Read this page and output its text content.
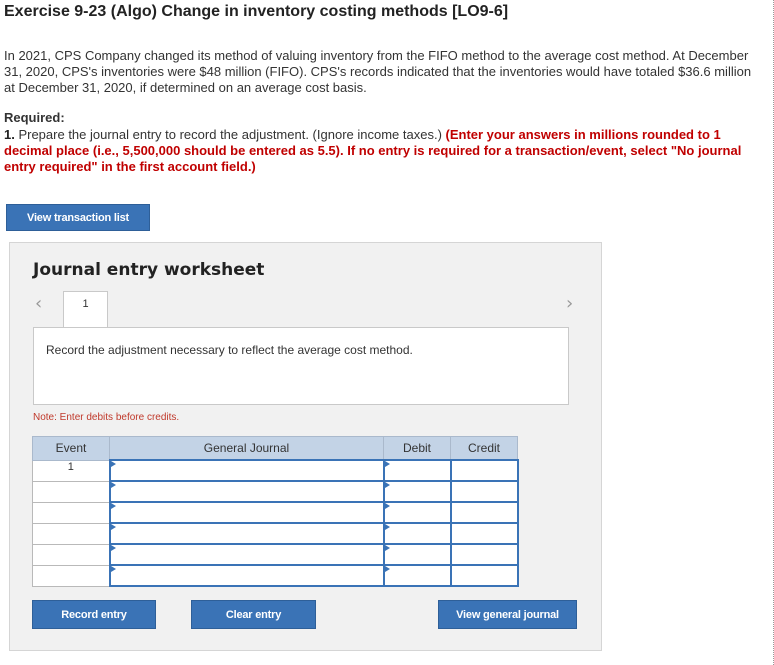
Exercise 9-23 (Algo) Change in inventory costing methods [LO9-6]
In 2021, CPS Company changed its method of valuing inventory from the FIFO method to the average cost method. At December 31, 2020, CPS's inventories were $48 million (FIFO). CPS's records indicated that the inventories would have totaled $36.6 million at December 31, 2020, if determined on an average cost basis.
Required:
1. Prepare the journal entry to record the adjustment. (Ignore income taxes.) (Enter your answers in millions rounded to 1 decimal place (i.e., 5,500,000 should be entered as 5.5). If no entry is required for a transaction/event, select "No journal entry required" in the first account field.)
View transaction list
Journal entry worksheet
‹	›
1
Record the adjustment necessary to reflect the average cost method.
Note: Enter debits before credits.
Event	General Journal	Debit	Credit
1	

Record entry	Clear entry	View general journal
